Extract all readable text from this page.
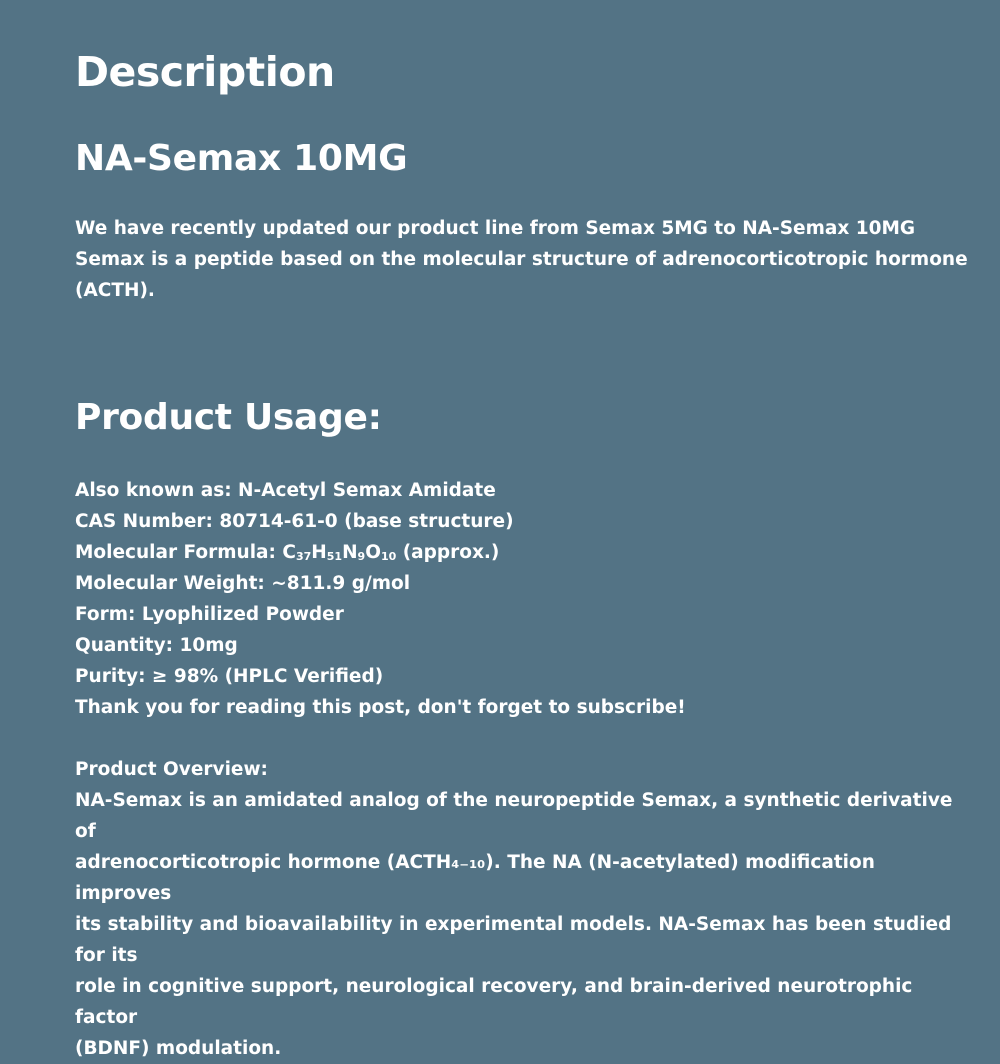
Description
NA-Semax 10MG

We have recently updated our product line from Semax 5MG to NA-Semax 10MG

Semax is a peptide based on the molecular structure of adrenocorticotropic hormone

(ACTH).

Product Usage:

Also known as: N-Acetyl Semax Amidate

CAS Number: 80714-61-0 (base structure)

Molecular Formula: $C_{37}H_{51}N_9O_{10}$ (approx.)

Molecular Weight: ~811.9 g/mol

Form: Lyophilized Powder

Quantity: 10mg

Purity: ≥ 98% (HPLC Verified)

Thank you for reading this post, don't forget to subscribe!

Product Overview:

NA-Semax is an amidated analog of the neuropeptide Semax, a synthetic derivative of

adrenocorticotropic hormone (ACTH₄₋₁₀). The NA (N-acetylated) modification improves

its stability and bioavailability in experimental models. NA-Semax has been studied for its

role in cognitive support, neurological recovery, and brain-derived neurotrophic factor

(BDNF) modulation.
